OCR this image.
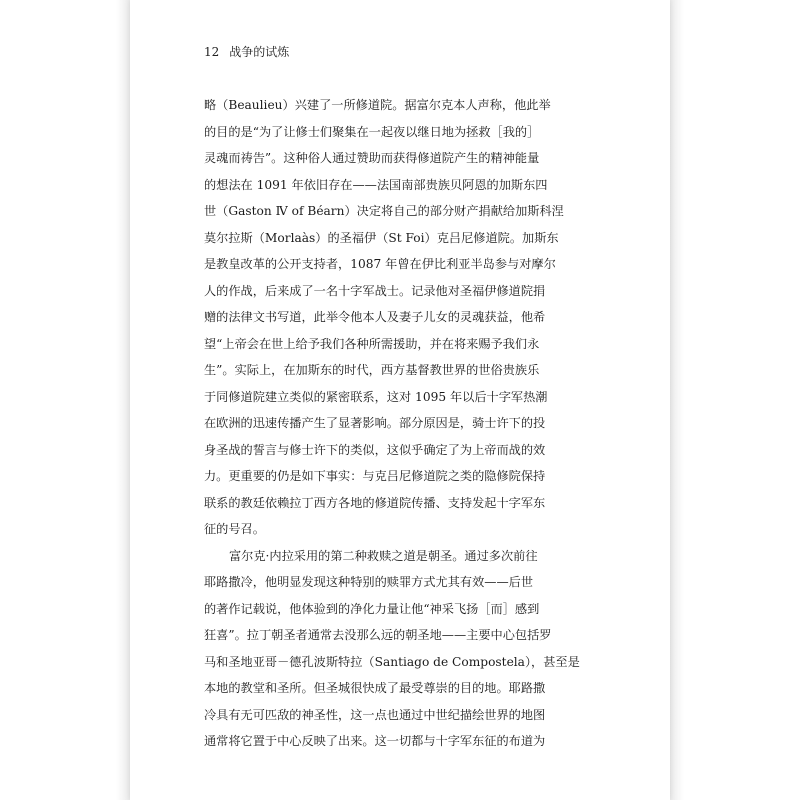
12 战争的试炼
略（Beaulieu）兴建了一所修道院。据富尔克本人声称，他此举
的目的是“为了让修士们聚集在一起夜以继日地为拯救［我的］
灵魂而祷告”。这种俗人通过赞助而获得修道院产生的精神能量
的想法在 1091 年依旧存在——法国南部贵族贝阿恩的加斯东四
世（Gaston Ⅳ of Béarn）决定将自己的部分财产捐献给加斯科涅
莫尔拉斯（Morlaàs）的圣福伊（St Foi）克吕尼修道院。加斯东
是教皇改革的公开支持者，1087 年曾在伊比利亚半岛参与对摩尔
人的作战，后来成了一名十字军战士。记录他对圣福伊修道院捐
赠的法律文书写道，此举令他本人及妻子儿女的灵魂获益，他希
望“上帝会在世上给予我们各种所需援助，并在将来赐予我们永
生”。实际上，在加斯东的时代，西方基督教世界的世俗贵族乐
于同修道院建立类似的紧密联系，这对 1095 年以后十字军热潮
在欧洲的迅速传播产生了显著影响。部分原因是，骑士许下的投
身圣战的誓言与修士许下的类似，这似乎确定了为上帝而战的效
力。更重要的仍是如下事实：与克吕尼修道院之类的隐修院保持
联系的教廷依赖拉丁西方各地的修道院传播、支持发起十字军东
征的号召。
富尔克·内拉采用的第二种救赎之道是朝圣。通过多次前往
耶路撒冷，他明显发现这种特别的赎罪方式尤其有效——后世
的著作记载说，他体验到的净化力量让他“神采飞扬［而］感到
狂喜”。拉丁朝圣者通常去没那么远的朝圣地——主要中心包括罗
马和圣地亚哥－德孔波斯特拉（Santiago de Compostela），甚至是
本地的教堂和圣所。但圣城很快成了最受尊崇的目的地。耶路撒
冷具有无可匹敌的神圣性，这一点也通过中世纪描绘世界的地图
通常将它置于中心反映了出来。这一切都与十字军东征的布道为
